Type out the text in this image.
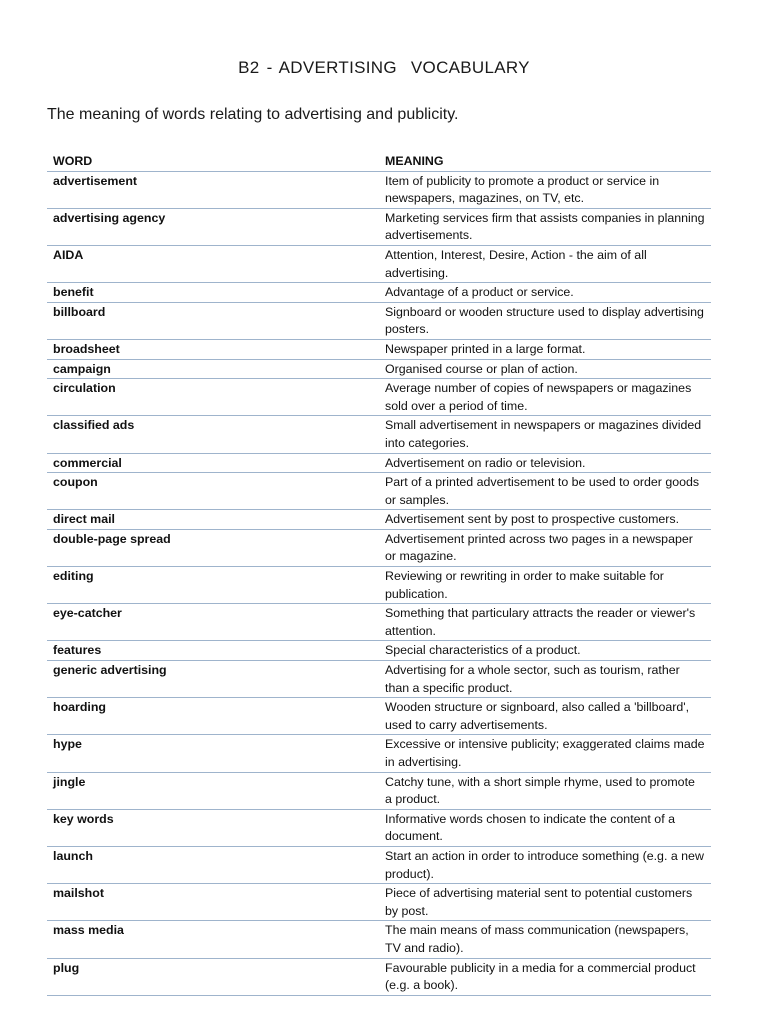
B2 - ADVERTISING  VOCABULARY
The meaning of words relating to advertising and publicity.
WORD	MEANING
advertisement	Item of publicity to promote a product or service in newspapers, magazines, on TV, etc.
advertising agency	Marketing services firm that assists companies in planning advertisements.
AIDA	Attention, Interest, Desire, Action - the aim of all advertising.
benefit	Advantage of a product or service.
billboard	Signboard or wooden structure used to display advertising posters.
broadsheet	Newspaper printed in a large format.
campaign	Organised course or plan of action.
circulation	Average number of copies of newspapers or magazines sold over a period of time.
classified ads	Small advertisement in newspapers or magazines divided into categories.
commercial	Advertisement on radio or television.
coupon	Part of a printed advertisement to be used to order goods or samples.
direct mail	Advertisement sent by post to prospective customers.
double-page spread	Advertisement printed across two pages in a newspaper or magazine.
editing	Reviewing or rewriting in order to make suitable for publication.
eye-catcher	Something that particulary attracts the reader or viewer's attention.
features	Special characteristics of a product.
generic advertising	Advertising for a whole sector, such as tourism, rather than a specific product.
hoarding	Wooden structure or signboard, also called a 'billboard', used to carry advertisements.
hype	Excessive or intensive publicity; exaggerated claims made in advertising.
jingle	Catchy tune, with a short simple rhyme, used to promote a product.
key words	Informative words chosen to indicate the content of a document.
launch	Start an action in order to introduce something (e.g. a new product).
mailshot	Piece of advertising material sent to potential customers by post.
mass media	The main means of mass communication (newspapers, TV and radio).
plug	Favourable publicity in a media for a commercial product (e.g. a book).
